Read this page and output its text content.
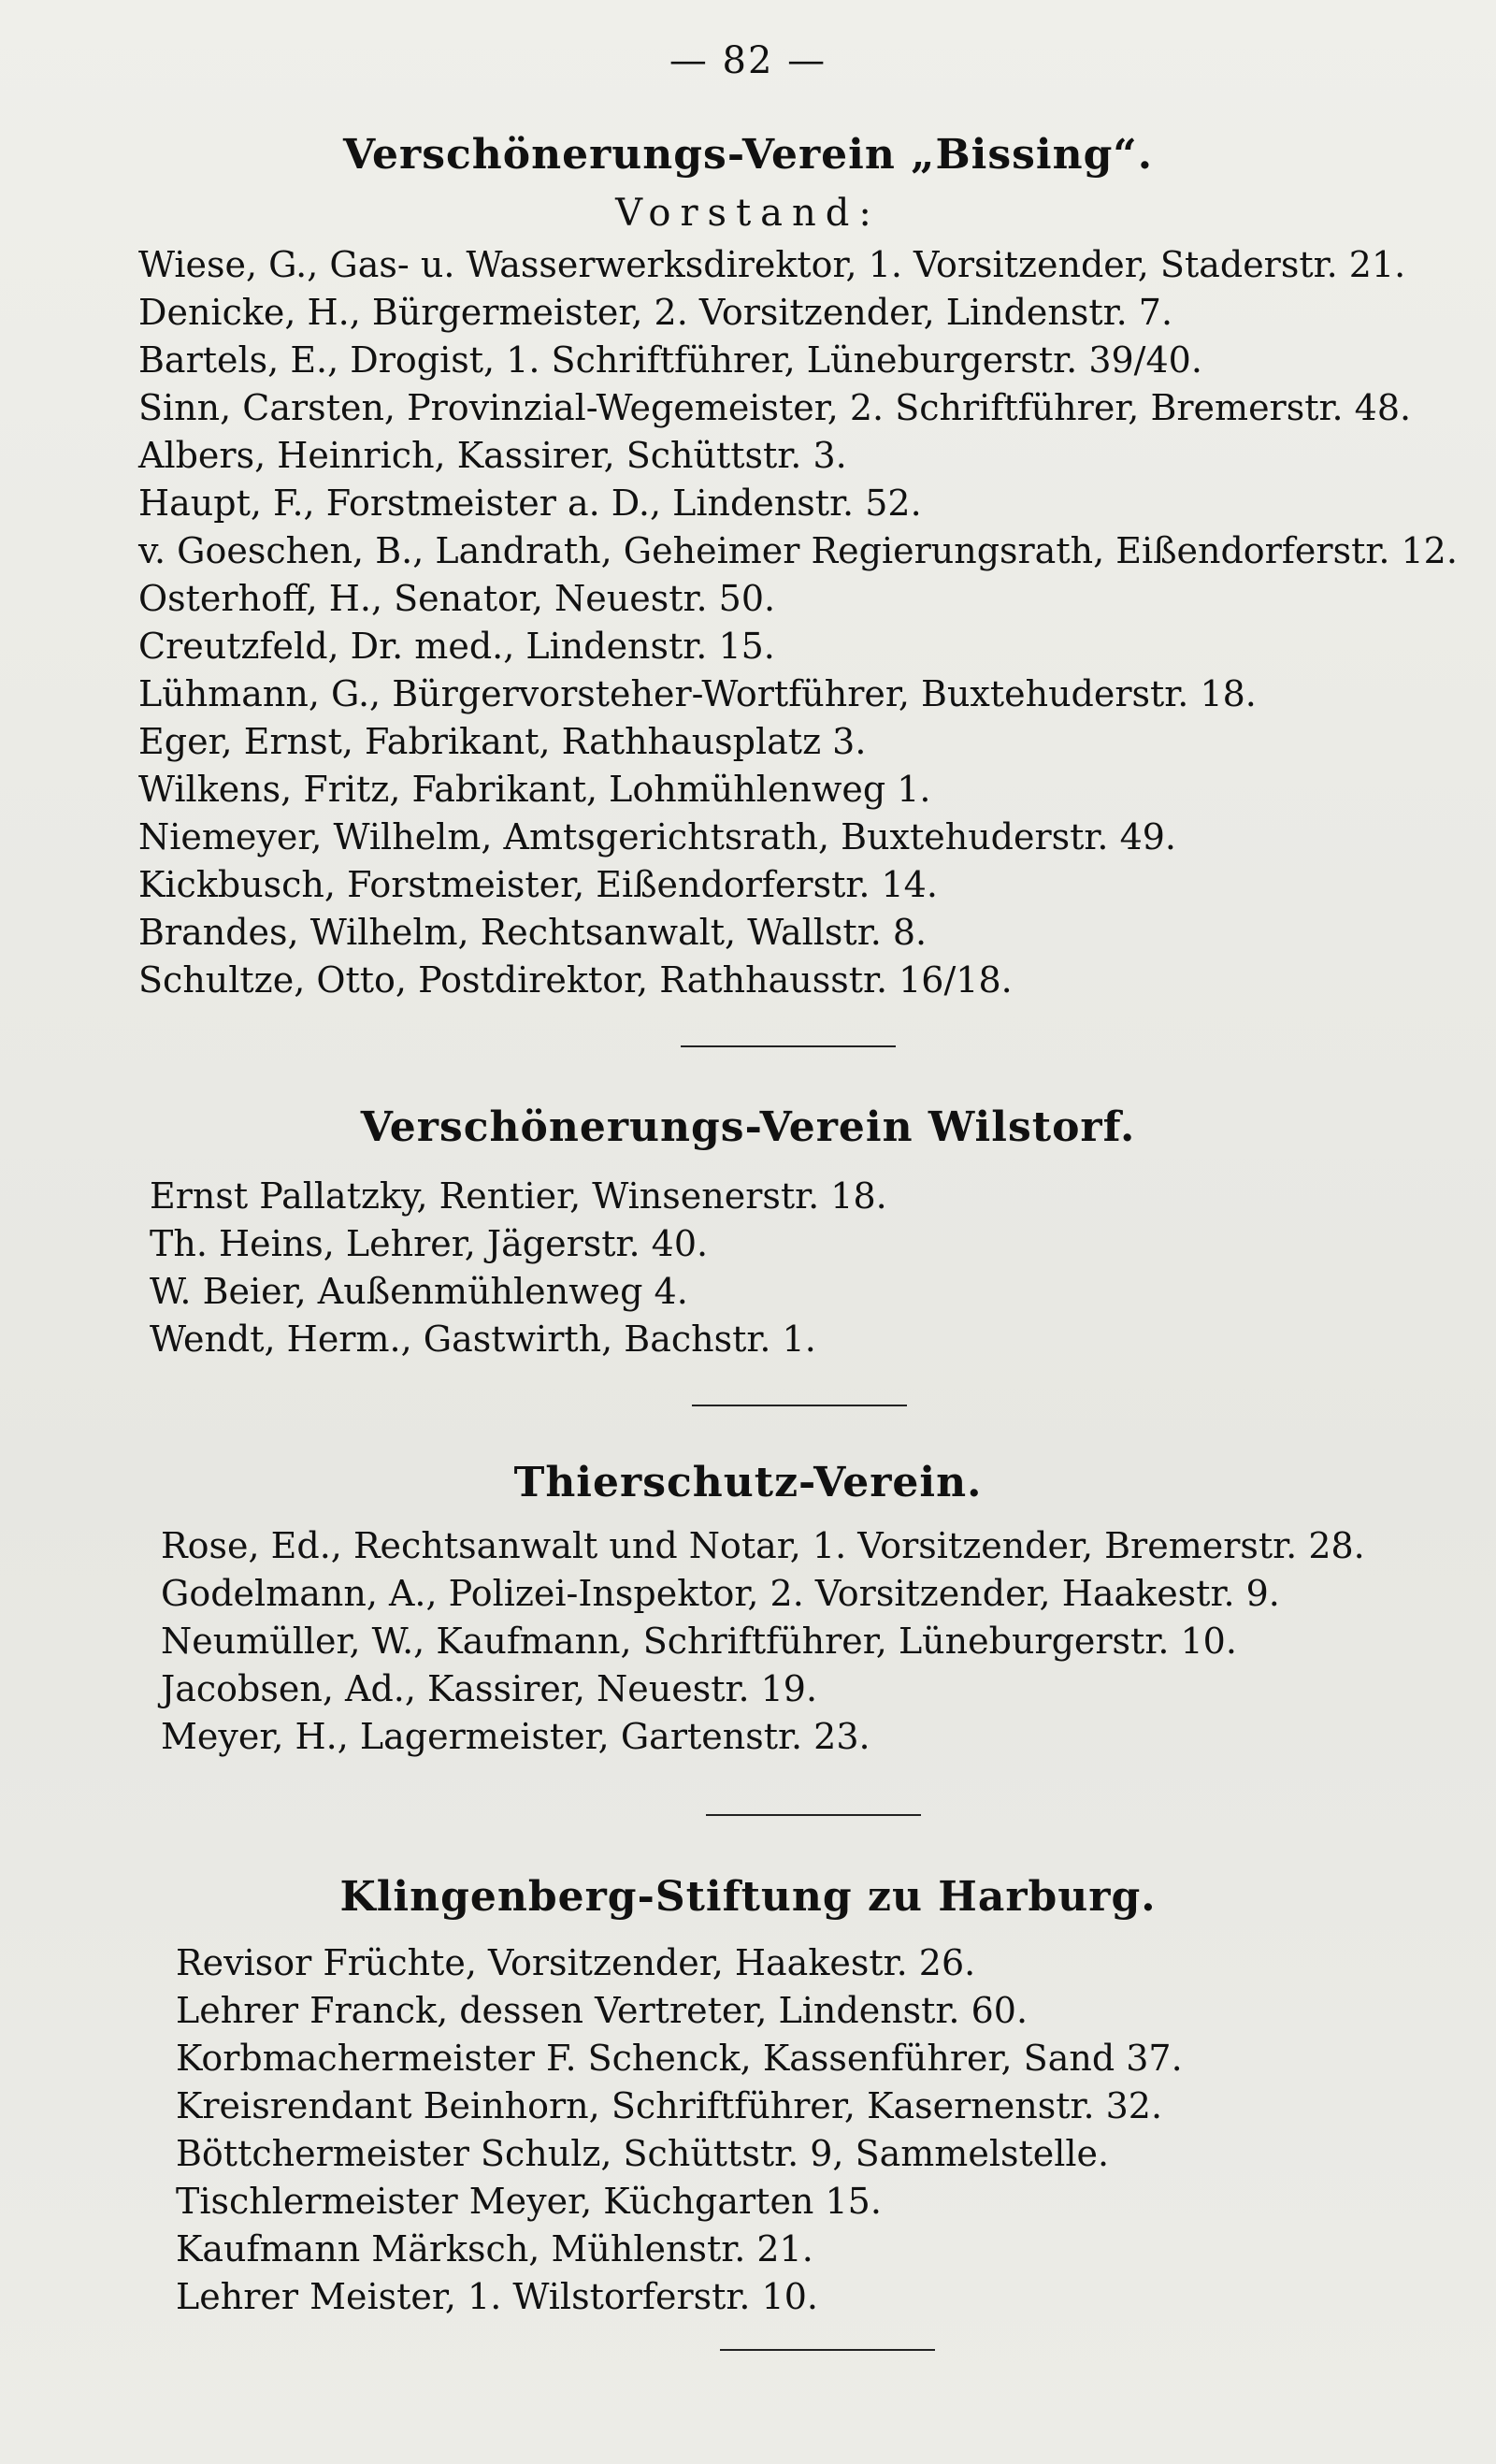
— 82 —
Verschönerungs-Verein „Bissing“.
Vorstand:
Wiese, G., Gas- u. Wasserwerksdirektor, 1. Vorsitzender, Staderstr. 21.
Denicke, H., Bürgermeister, 2. Vorsitzender, Lindenstr. 7.
Bartels, E., Drogist, 1. Schriftführer, Lüneburgerstr. 39/40.
Sinn, Carsten, Provinzial-Wegemeister, 2. Schriftführer, Bremerstr. 48.
Albers, Heinrich, Kassirer, Schüttstr. 3.
Haupt, F., Forstmeister a. D., Lindenstr. 52.
v. Goeschen, B., Landrath, Geheimer Regierungsrath, Eißendorferstr. 12.
Osterhoff, H., Senator, Neuestr. 50.
Creutzfeld, Dr. med., Lindenstr. 15.
Lühmann, G., Bürgervorsteher-Wortführer, Buxtehuderstr. 18.
Eger, Ernst, Fabrikant, Rathhausplatz 3.
Wilkens, Fritz, Fabrikant, Lohmühlenweg 1.
Niemeyer, Wilhelm, Amtsgerichtsrath, Buxtehuderstr. 49.
Kickbusch, Forstmeister, Eißendorferstr. 14.
Brandes, Wilhelm, Rechtsanwalt, Wallstr. 8.
Schultze, Otto, Postdirektor, Rathhausstr. 16/18.
Verschönerungs-Verein Wilstorf.
Ernst Pallatzky, Rentier, Winsenerstr. 18.
Th. Heins, Lehrer, Jägerstr. 40.
W. Beier, Außenmühlenweg 4.
Wendt, Herm., Gastwirth, Bachstr. 1.
Thierschutz-Verein.
Rose, Ed., Rechtsanwalt und Notar, 1. Vorsitzender, Bremerstr. 28.
Godelmann, A., Polizei-Inspektor, 2. Vorsitzender, Haakestr. 9.
Neumüller, W., Kaufmann, Schriftführer, Lüneburgerstr. 10.
Jacobsen, Ad., Kassirer, Neuestr. 19.
Meyer, H., Lagermeister, Gartenstr. 23.
Klingenberg-Stiftung zu Harburg.
Revisor Früchte, Vorsitzender, Haakestr. 26.
Lehrer Franck, dessen Vertreter, Lindenstr. 60.
Korbmachermeister F. Schenck, Kassenführer, Sand 37.
Kreisrendant Beinhorn, Schriftführer, Kasernenstr. 32.
Böttchermeister Schulz, Schüttstr. 9, Sammelstelle.
Tischlermeister Meyer, Küchgarten 15.
Kaufmann Märksch, Mühlenstr. 21.
Lehrer Meister, 1. Wilstorferstr. 10.
